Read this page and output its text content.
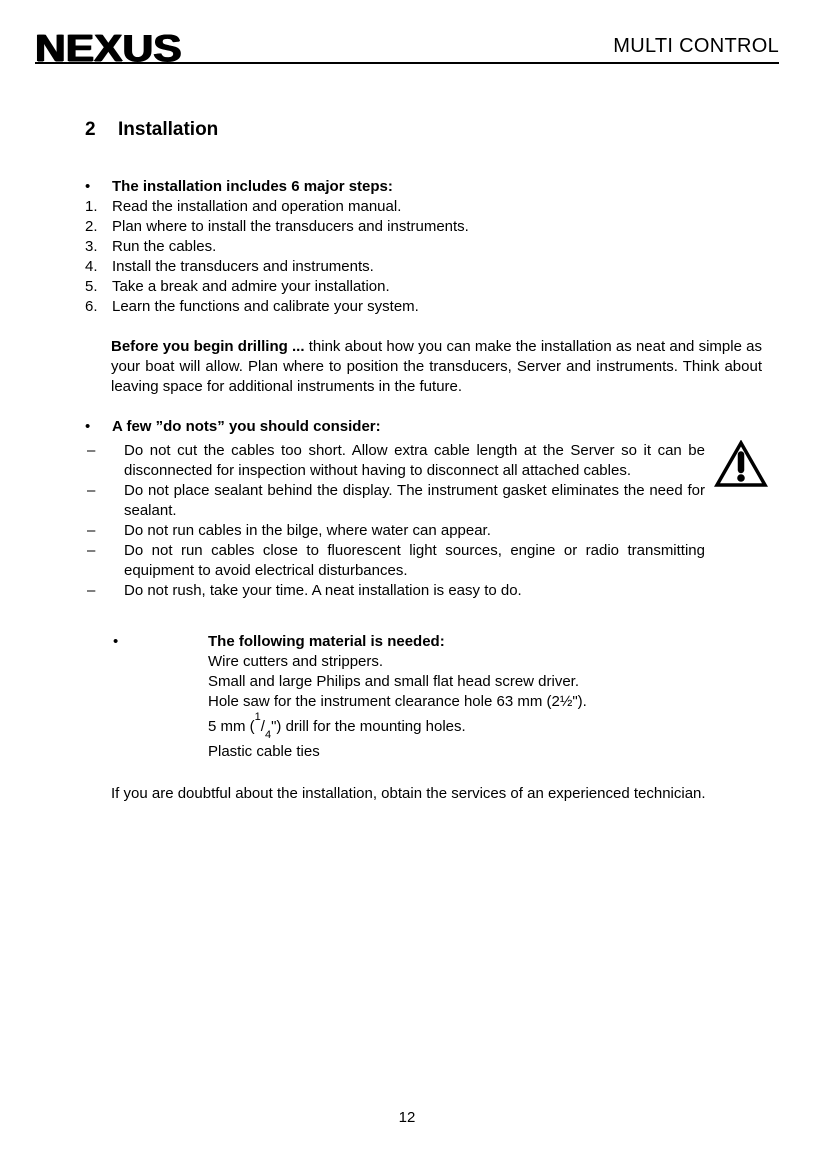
NEXUS	MULTI CONTROL
2	Installation
•	The installation includes 6 major steps:
1. Read the installation and operation manual.
2. Plan where to install the transducers and instruments.
3. Run the cables.
4. Install the transducers and instruments.
5. Take a break and admire your installation.
6. Learn the functions and calibrate your system.
Before you begin drilling ... think about how you can make the installation as neat and simple as your boat will allow. Plan where to position the transducers, Server and instruments. Think about leaving space for additional instruments in the future.
•	A few ”do nots” you should consider:
–	Do not cut the cables too short. Allow extra cable length at the Server so it can be disconnected for inspection without having to disconnect all attached cables.
–	Do not place sealant behind the display. The instrument gasket eliminates the need for sealant.
–	Do not run cables in the bilge, where water can appear.
–	Do not run cables close to fluorescent light sources, engine or radio transmitting equipment to avoid electrical disturbances.
–	Do not rush, take your time. A neat installation is easy to do.
•	The following material is needed:
Wire cutters and strippers.
Small and large Philips and small flat head screw driver.
Hole saw for the instrument clearance hole 63 mm (2½").
5 mm $(^1/_4")$ drill for the mounting holes.
Plastic cable ties
If you are doubtful about the installation, obtain the services of an experienced technician.
12
